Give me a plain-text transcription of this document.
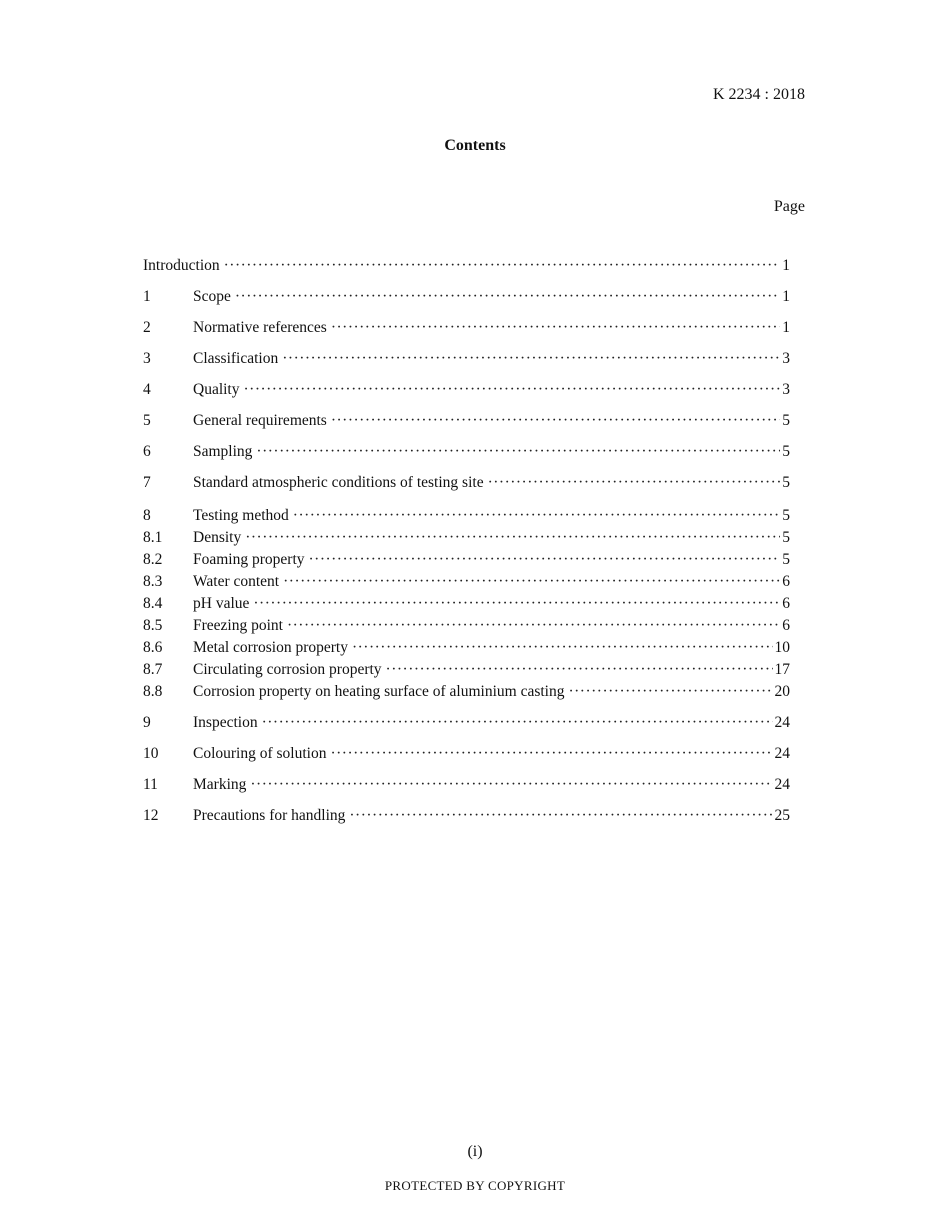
K 2234 : 2018
Contents
Page
Introduction ·····	1
1	Scope ·····	1
2	Normative references ·····	1
3	Classification ·····	3
4	Quality ·····	3
5	General requirements ·····	5
6	Sampling ·····	5
7	Standard atmospheric conditions of testing site ·····	5
8	Testing method ·····	5
8.1	Density ·····	5
8.2	Foaming property ·····	5
8.3	Water content ·····	6
8.4	pH value ·····	6
8.5	Freezing point ·····	6
8.6	Metal corrosion property ·····	10
8.7	Circulating corrosion property ·····	17
8.8	Corrosion property on heating surface of aluminium casting ·····	20
9	Inspection ·····	24
10	Colouring of solution ·····	24
11	Marking ·····	24
12	Precautions for handling ·····	25
(i)
PROTECTED BY COPYRIGHT
